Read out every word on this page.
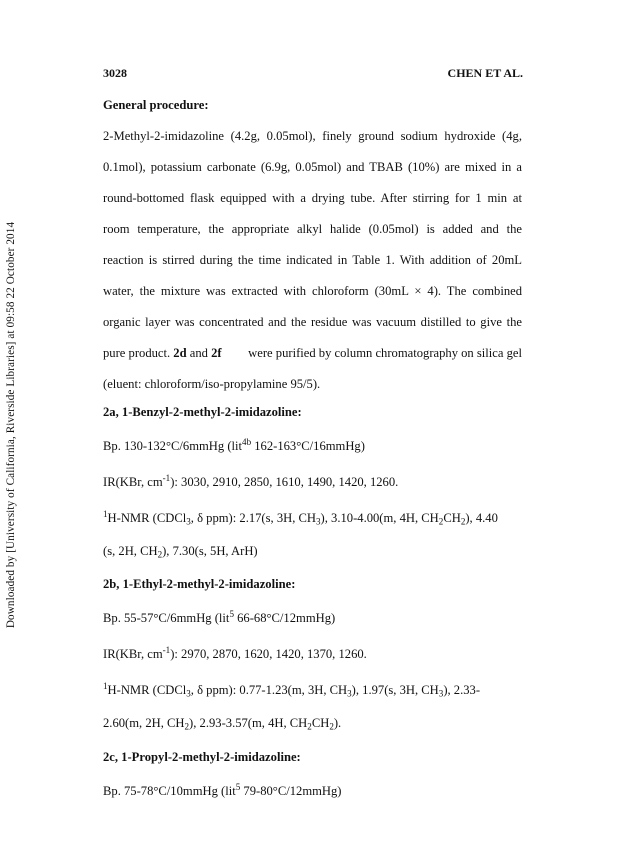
Downloaded by [University of California, Riverside Libraries] at 09:58 22 October 2014
3028	CHEN ET AL.
General procedure:
2-Methyl-2-imidazoline (4.2g, 0.05mol), finely ground sodium hydroxide (4g,
0.1mol), potassium carbonate (6.9g, 0.05mol) and TBAB (10%) are mixed in a
round-bottomed flask equipped with a drying tube. After stirring for 1 min at
room temperature, the appropriate alkyl halide (0.05mol) is added and the
reaction is stirred during the time indicated in Table 1. With addition of 20mL
water, the mixture was extracted with chloroform (30mL × 4). The combined
organic layer was concentrated and the residue was vacuum distilled to give the
pure product. 2d and 2f were purified by column chromatography on silica gel
(eluent: chloroform/iso-propylamine 95/5).
2a, 1-Benzyl-2-methyl-2-imidazoline:
Bp. 130-132°C/6mmHg (lit$^{4b}$ 162-163°C/16mmHg)
IR(KBr, $cm^{-1}$): 3030, 2910, 2850, 1610, 1490, 1420, 1260.
$^1$H-NMR (CDCl$_3$, δ ppm): 2.17(s, 3H, $CH_3$), 3.10-4.00(m, 4H, $CH_2CH_2$), 4.40
(s, 2H, $CH_2$), 7.30(s, 5H, ArH)
2b, 1-Ethyl-2-methyl-2-imidazoline:
Bp. 55-57°C/6mmHg (lit$^5$ 66-68°C/12mmHg)
IR(KBr, $cm^{-1}$): 2970, 2870, 1620, 1420, 1370, 1260.
$^1$H-NMR (CDCl$_3$, δ ppm): 0.77-1.23(m, 3H, $CH_3$), 1.97(s, 3H, $CH_3$), 2.33-
2.60(m, 2H, $CH_2$), 2.93-3.57(m, 4H, $CH_2CH_2$).
2c, 1-Propyl-2-methyl-2-imidazoline:
Bp. 75-78°C/10mmHg (lit$^5$ 79-80°C/12mmHg)
